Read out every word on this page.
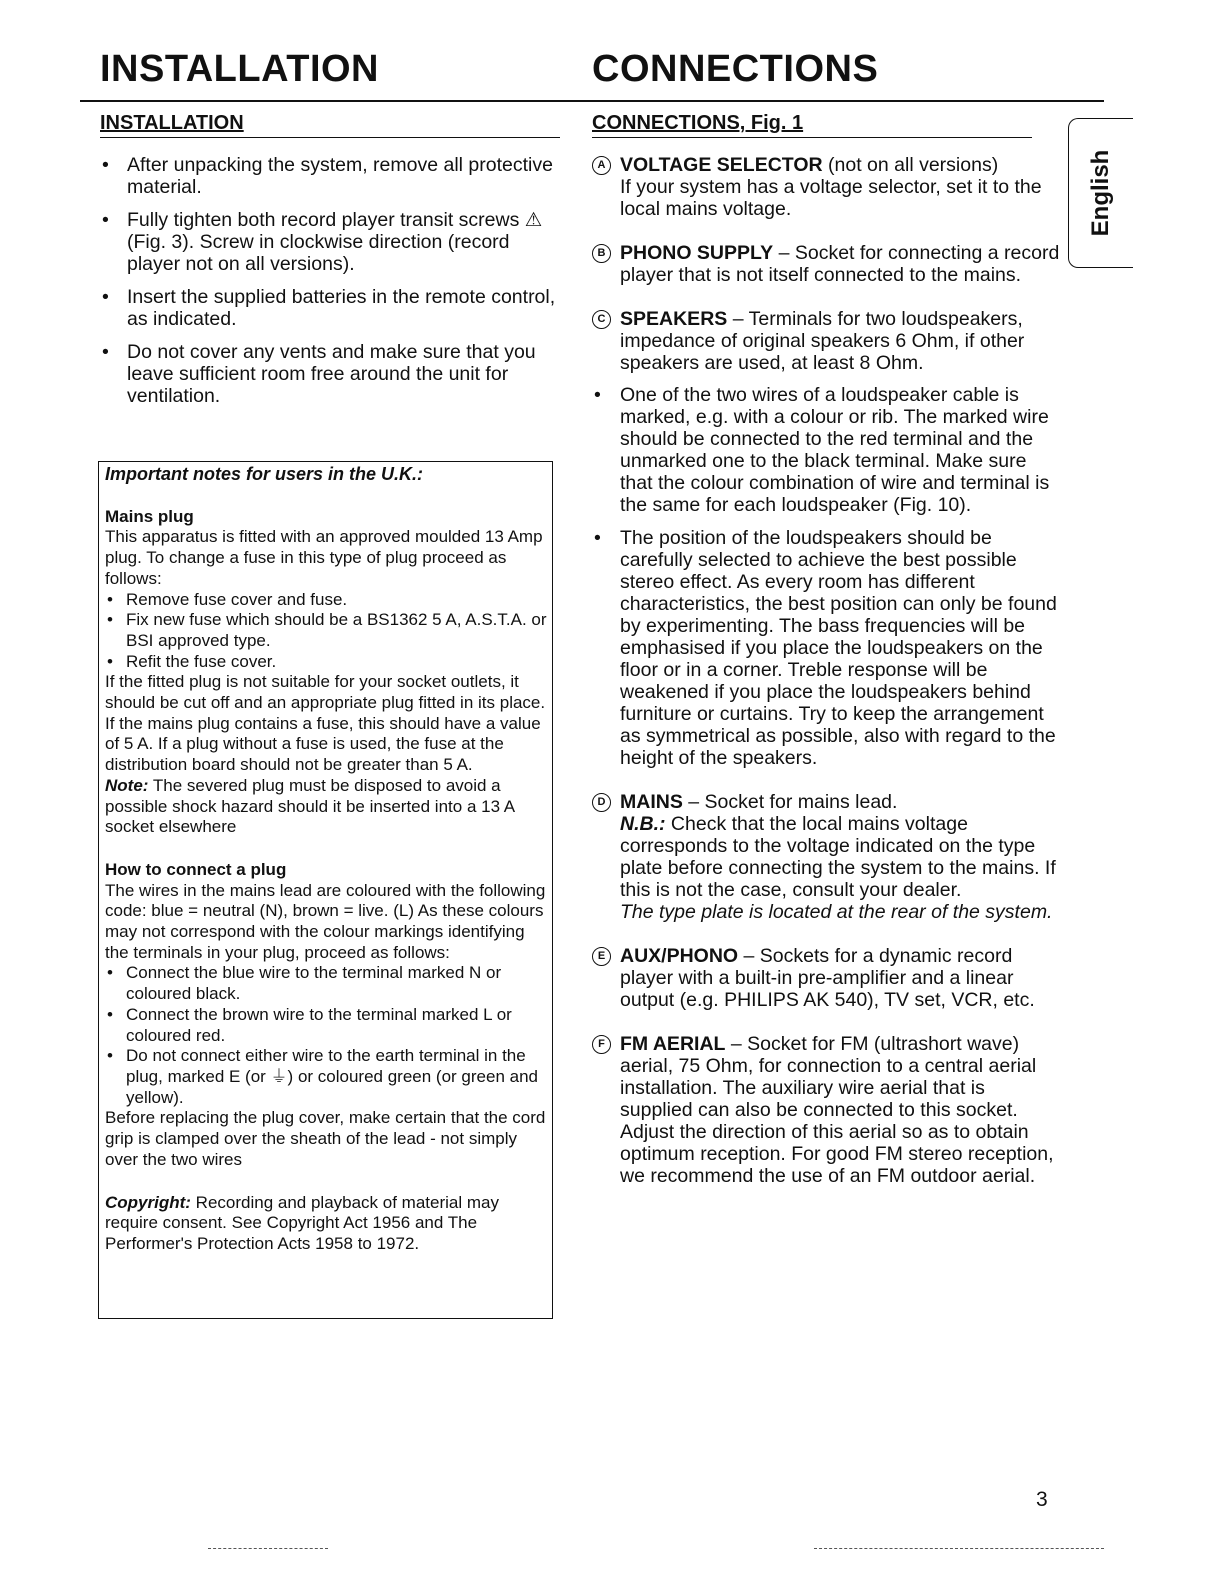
INSTALLATION	CONNECTIONS
English
INSTALLATION
• After unpacking the system, remove all protective material.
• Fully tighten both record player transit screws ⚠ (Fig. 3). Screw in clockwise direction (record player not on all versions).
• Insert the supplied batteries in the remote control, as indicated.
• Do not cover any vents and make sure that you leave sufficient room free around the unit for ventilation.

Important notes for users in the U.K.:

Mains plug

This apparatus is fitted with an approved moulded 13 Amp plug. To change a fuse in this type of plug proceed as follows:

• Remove fuse cover and fuse.
• Fix new fuse which should be a BS1362 5 A, A.S.T.A. or BSI approved type.
• Refit the fuse cover.

If the fitted plug is not suitable for your socket outlets, it should be cut off and an appropriate plug fitted in its place.

If the mains plug contains a fuse, this should have a value of 5 A. If a plug without a fuse is used, the fuse at the distribution board should not be greater than 5 A.

Note: The severed plug must be disposed to avoid a possible shock hazard should it be inserted into a 13 A socket elsewhere

How to connect a plug

The wires in the mains lead are coloured with the following code: blue = neutral (N), brown = live. (L) As these colours may not correspond with the colour markings identifying the terminals in your plug, proceed as follows:

• Connect the blue wire to the terminal marked N or coloured black.
• Connect the brown wire to the terminal marked L or coloured red.
• Do not connect either wire to the earth terminal in the plug, marked E (or ⏚) or coloured green (or green and yellow).

Before replacing the plug cover, make certain that the cord grip is clamped over the sheath of the lead - not simply over the two wires

Copyright: Recording and playback of material may require consent. See Copyright Act 1956 and The Performer's Protection Acts 1958 to 1972.

CONNECTIONS, Fig. 1
A VOLTAGE SELECTOR (not on all versions)

If your system has a voltage selector, set it to the local mains voltage.

B PHONO SUPPLY – Socket for connecting a record player that is not itself connected to the mains.

C SPEAKERS – Terminals for two loudspeakers, impedance of original speakers 6 Ohm, if other speakers are used, at least 8 Ohm.

• One of the two wires of a loudspeaker cable is marked, e.g. with a colour or rib. The marked wire should be connected to the red terminal and the unmarked one to the black terminal. Make sure that the colour combination of wire and terminal is the same for each loudspeaker (Fig. 10).
• The position of the loudspeakers should be carefully selected to achieve the best possible stereo effect. As every room has different characteristics, the best position can only be found by experimenting. The bass frequencies will be emphasised if you place the loudspeakers on the floor or in a corner. Treble response will be weakened if you place the loudspeakers behind furniture or curtains. Try to keep the arrangement as symmetrical as possible, also with regard to the height of the speakers.
D MAINS – Socket for mains lead.

N.B.: Check that the local mains voltage corresponds to the voltage indicated on the type plate before connecting the system to the mains. If this is not the case, consult your dealer.

The type plate is located at the rear of the system.

E AUX/PHONO – Sockets for a dynamic record player with a built-in pre-amplifier and a linear output (e.g. PHILIPS AK 540), TV set, VCR, etc.

F FM AERIAL – Socket for FM (ultrashort wave) aerial, 75 Ohm, for connection to a central aerial installation. The auxiliary wire aerial that is supplied can also be connected to this socket. Adjust the direction of this aerial so as to obtain optimum reception. For good FM stereo reception, we recommend the use of an FM outdoor aerial.

3
